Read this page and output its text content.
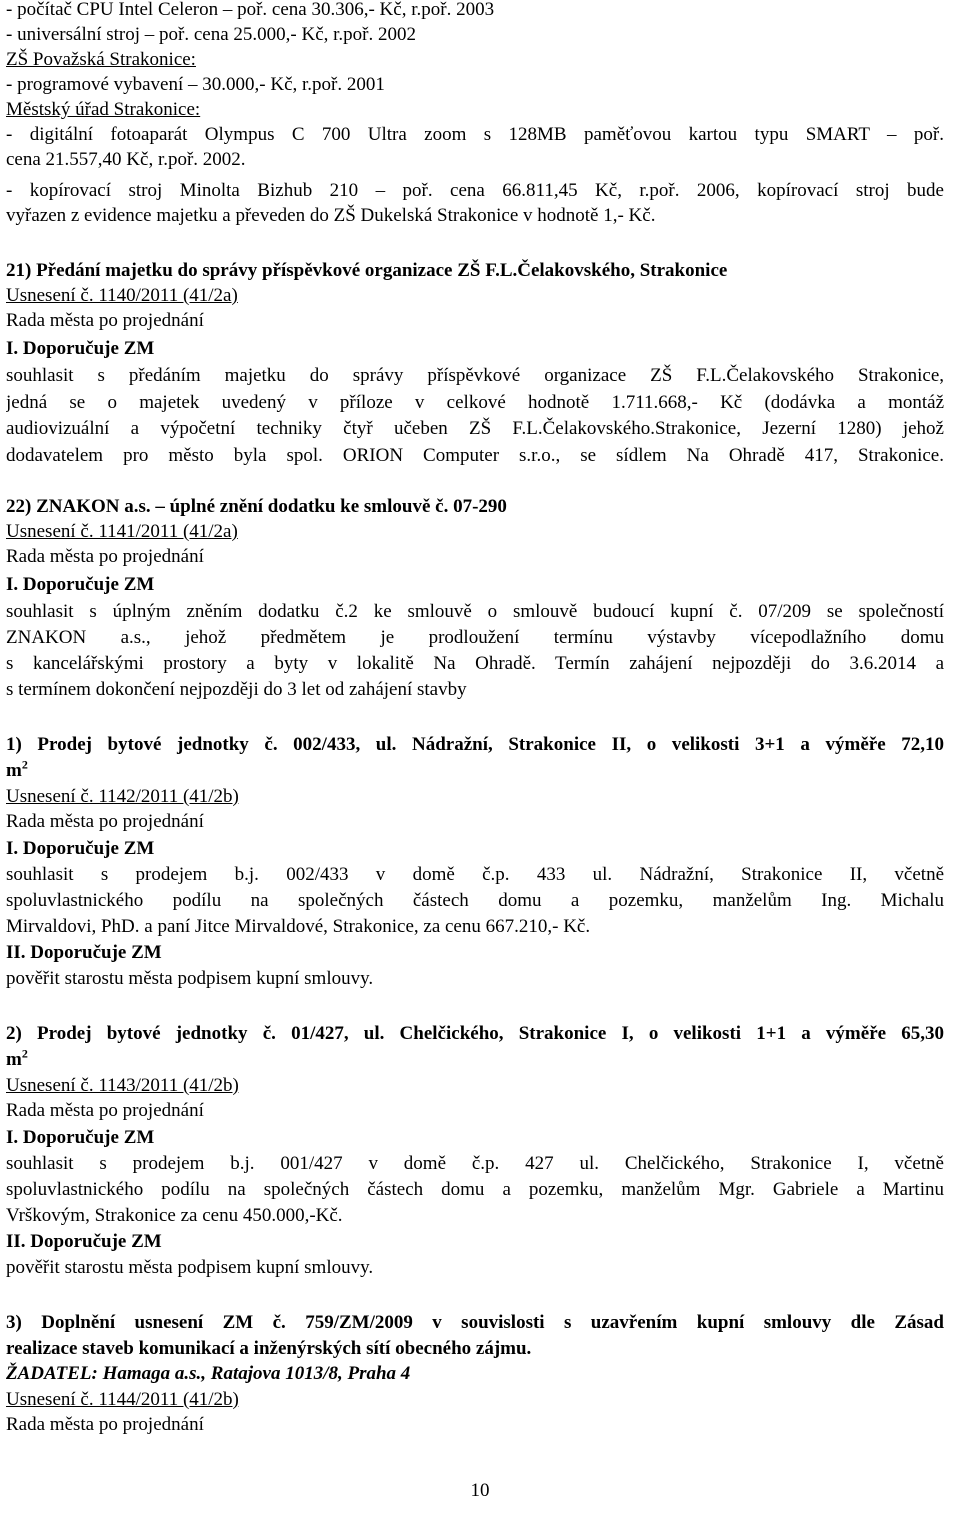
- počítač CPU Intel Celeron – poř. cena 30.306,- Kč, r.poř. 2003
- universální stroj – poř. cena 25.000,- Kč, r.poř. 2002
ZŠ Považská Strakonice:
- programové vybavení – 30.000,- Kč, r.poř. 2001
Městský úřad Strakonice:
- digitální fotoaparát Olympus C 700 Ultra zoom s 128MB paměťovou kartou typu SMART – poř.
cena 21.557,40 Kč, r.poř. 2002.
- kopírovací stroj Minolta Bizhub 210 – poř. cena 66.811,45 Kč, r.poř. 2006, kopírovací stroj bude
vyřazen z evidence majetku a převeden do ZŠ Dukelská Strakonice v hodnotě 1,- Kč.
21) Předání majetku do správy příspěvkové organizace ZŠ F.L.Čelakovského, Strakonice
Usnesení č. 1140/2011 (41/2a)
Rada města po projednání
I. Doporučuje ZM
souhlasit s předáním majetku do správy příspěvkové organizace ZŠ F.L.Čelakovského Strakonice,
jedná se o majetek uvedený v příloze v celkové hodnotě 1.711.668,- Kč (dodávka a montáž
audiovizuální a výpočetní techniky čtyř učeben ZŠ F.L.Čelakovského.Strakonice, Jezerní 1280) jehož
dodavatelem pro město byla spol. ORION Computer s.r.o., se sídlem Na Ohradě 417, Strakonice.
22) ZNAKON a.s. – úplné znění dodatku ke smlouvě č. 07-290
Usnesení č. 1141/2011 (41/2a)
Rada města po projednání
I. Doporučuje ZM
souhlasit s úplným zněním dodatku č.2 ke smlouvě o smlouvě budoucí kupní č. 07/209 se společností
ZNAKON a.s., jehož předmětem je prodloužení termínu výstavby vícepodlažního domu
s kancelářskými prostory a byty v lokalitě Na Ohradě. Termín zahájení nejpozději do 3.6.2014 a
s termínem dokončení nejpozději do 3 let od zahájení stavby
1) Prodej bytové jednotky č. 002/433, ul. Nádražní, Strakonice II, o velikosti 3+1 a výměře 72,10
$m^2$
Usnesení č. 1142/2011 (41/2b)
Rada města po projednání
I. Doporučuje ZM
souhlasit s prodejem b.j. 002/433 v domě č.p. 433 ul. Nádražní, Strakonice II, včetně
spoluvlastnického podílu na společných částech domu a pozemku, manželům Ing. Michalu
Mirvaldovi, PhD. a paní Jitce Mirvaldové, Strakonice, za cenu 667.210,- Kč.
II. Doporučuje ZM
pověřit starostu města podpisem kupní smlouvy.
2) Prodej bytové jednotky č. 01/427, ul. Chelčického, Strakonice I, o velikosti 1+1 a výměře 65,30
$m^2$
Usnesení č. 1143/2011 (41/2b)
Rada města po projednání
I. Doporučuje ZM
souhlasit s prodejem b.j. 001/427 v domě č.p. 427 ul. Chelčického, Strakonice I, včetně
spoluvlastnického podílu na společných částech domu a pozemku, manželům Mgr. Gabriele a Martinu
Vrškovým, Strakonice za cenu 450.000,-Kč.
II. Doporučuje ZM
pověřit starostu města podpisem kupní smlouvy.
3) Doplnění usnesení ZM č. 759/ZM/2009 v souvislosti s uzavřením kupní smlouvy dle Zásad
realizace staveb komunikací a inženýrských sítí obecného zájmu.
ŽADATEL: Hamaga a.s., Ratajova 1013/8, Praha 4
Usnesení č. 1144/2011 (41/2b)
Rada města po projednání
10
